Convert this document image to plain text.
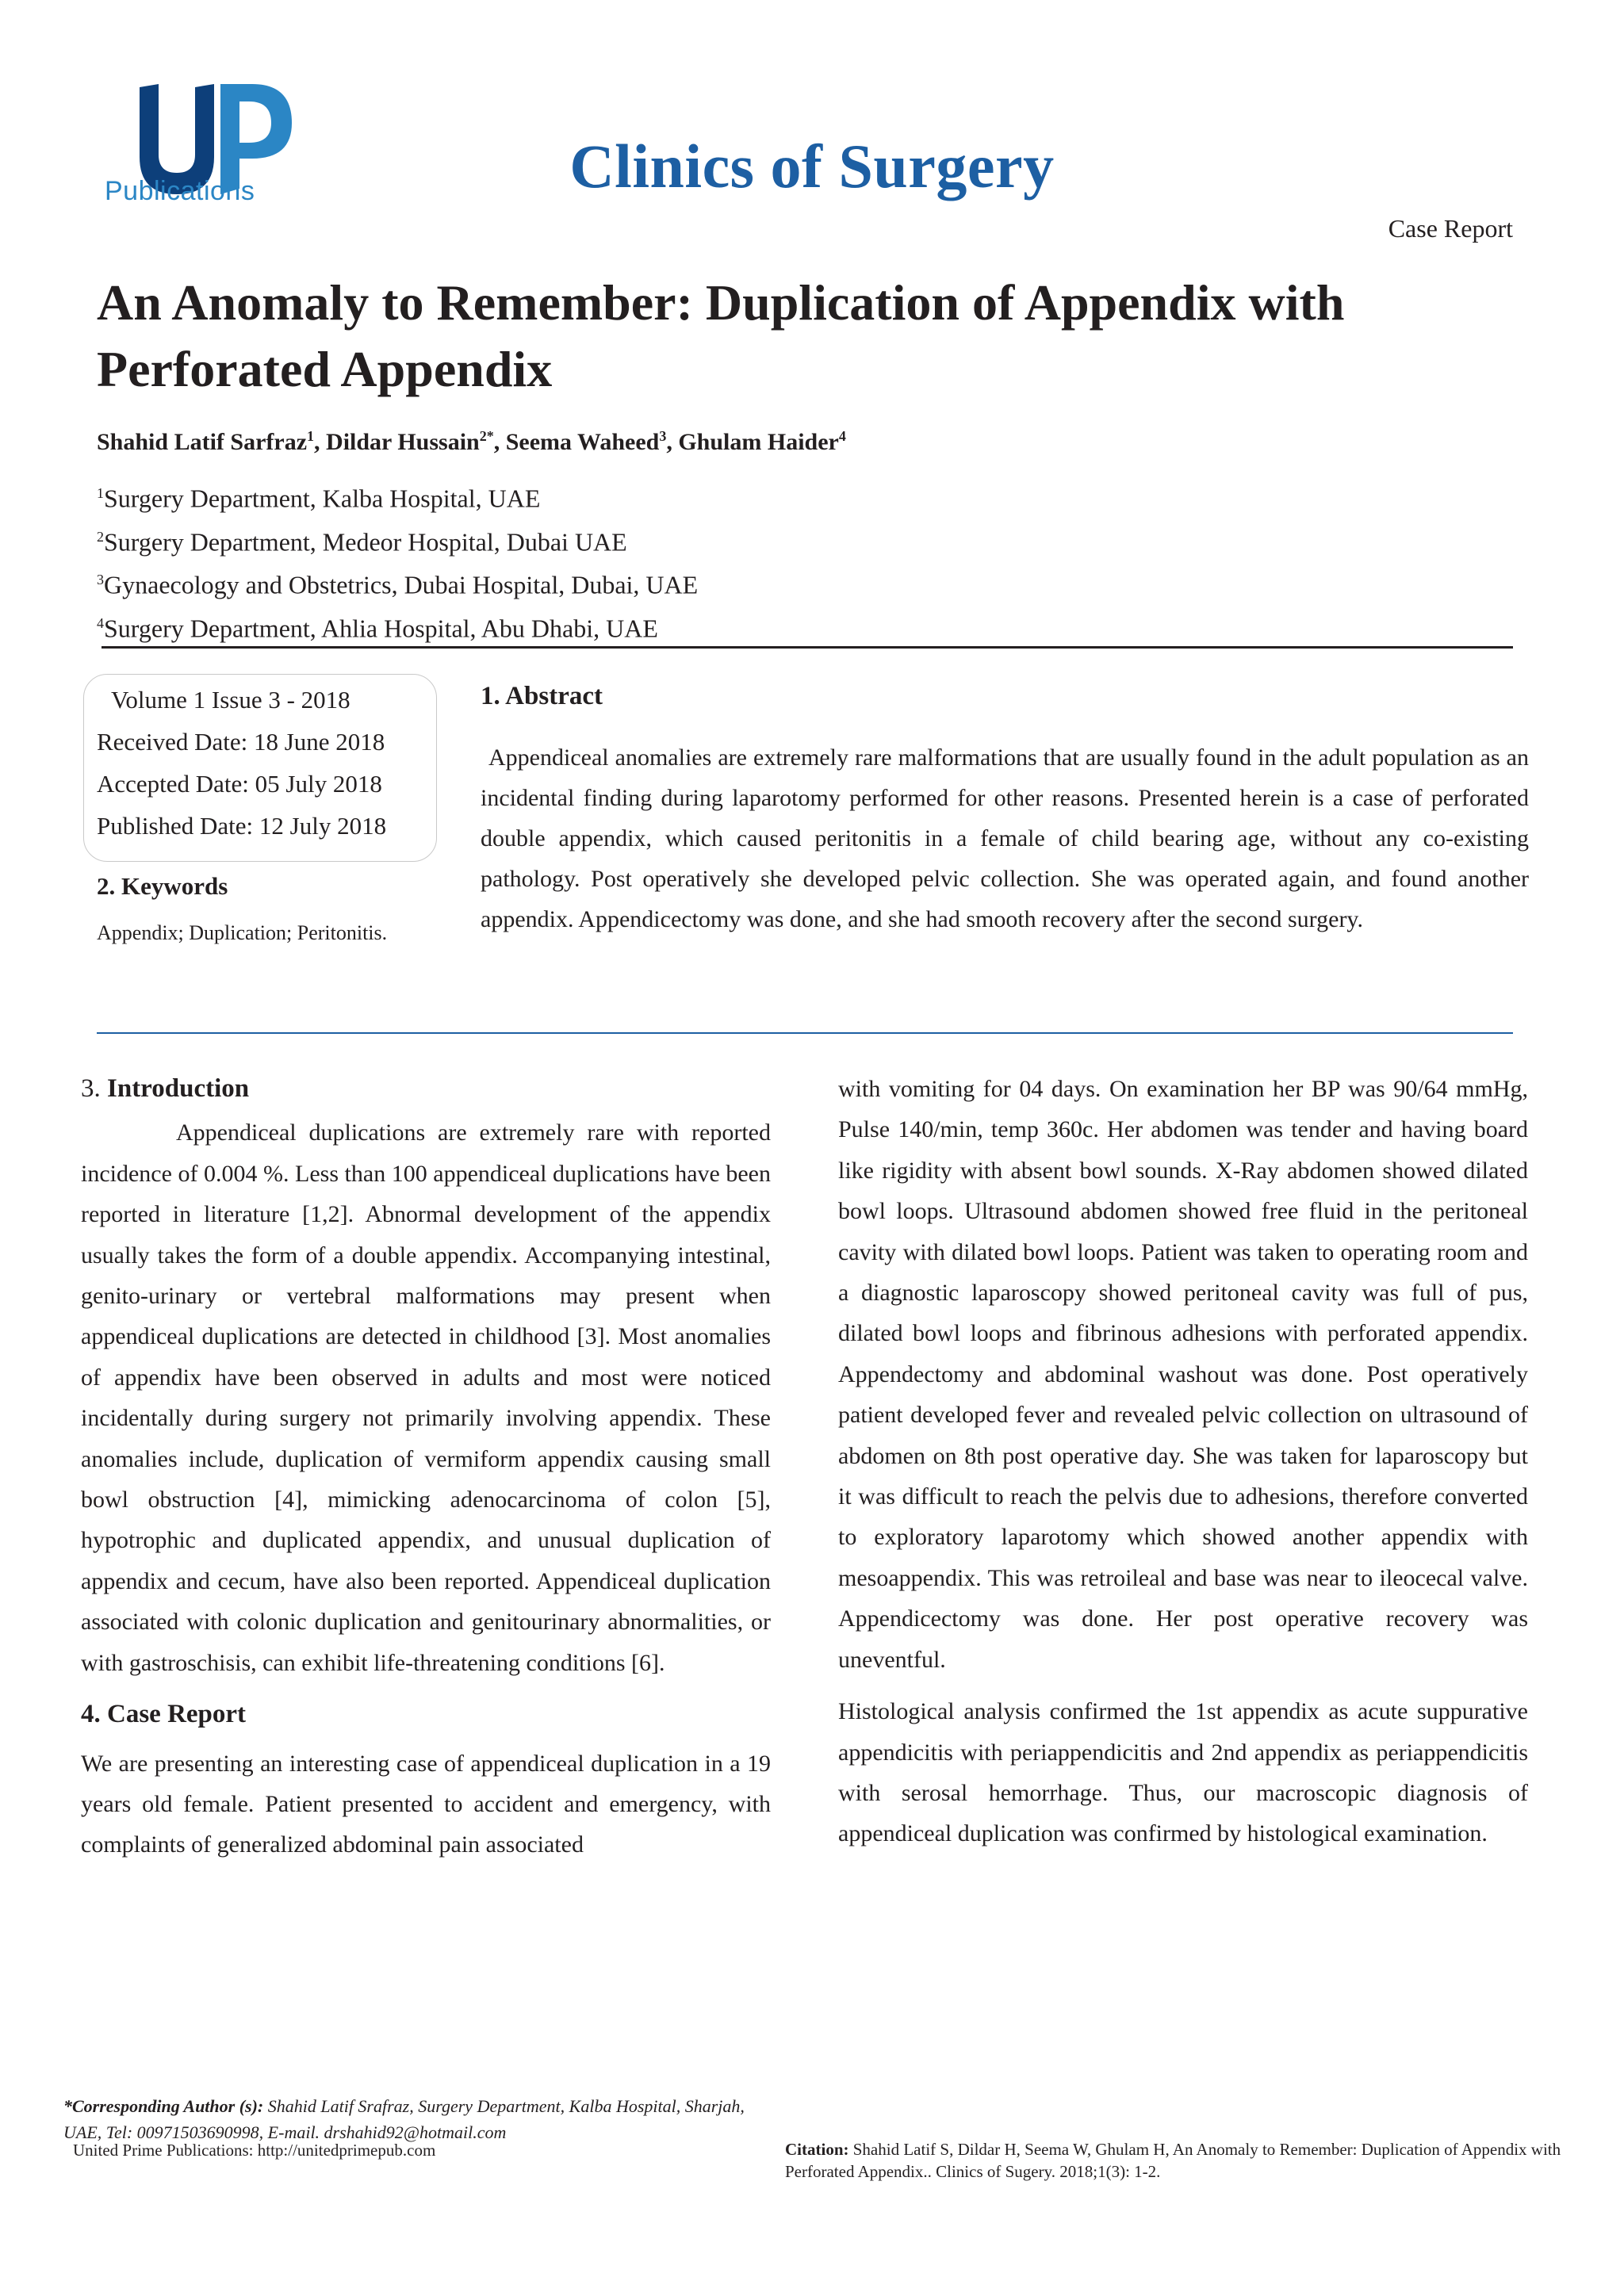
Publications	Clinics of Surgery
Case Report
An Anomaly to Remember: Duplication of Appendix with Perforated Appendix
Shahid Latif Sarfraz$^1$, Dildar Hussain$^{2*}$, Seema Waheed$^3$, Ghulam Haider$^4$
$^1$Surgery Department, Kalba Hospital, UAE
$^2$Surgery Department, Medeor Hospital, Dubai UAE
$^3$Gynaecology and Obstetrics, Dubai Hospital, Dubai, UAE
$^4$Surgery Department, Ahlia Hospital, Abu Dhabi, UAE
Volume 1 Issue 3 - 2018
Received Date: 18 June 2018
Accepted Date: 05 July 2018
Published Date: 12 July 2018
2. Keywords
Appendix; Duplication; Peritonitis.
1. Abstract
Appendiceal anomalies are extremely rare malformations that are usually found in the adult population as an incidental finding during laparotomy performed for other reasons. Presented herein is a case of perforated double appendix, which caused peritonitis in a female of child bearing age, without any co-existing pathology. Post operatively she developed pelvic collection. She was operated again, and found another appendix. Appendicectomy was done, and she had smooth recovery after the second surgery.

3. Introduction

Appendiceal duplications are extremely rare with reported incidence of 0.004 %. Less than 100 appendiceal duplications have been reported in literature [1,2]. Abnormal development of the appendix usually takes the form of a double appendix. Accompanying intestinal, genito-urinary or vertebral malformations may present when appendiceal duplications are detected in childhood [3]. Most anomalies of appendix have been observed in adults and most were noticed incidentally during surgery not primarily involving appendix. These anomalies include, duplication of vermiform appendix causing small bowl obstruction [4], mimicking adenocarcinoma of colon [5], hypotrophic and duplicated appendix, and unusual duplication of appendix and cecum, have also been reported. Appendiceal duplication associated with colonic duplication and genitourinary abnormalities, or with gastroschisis, can exhibit life-threatening conditions [6].

4. Case Report

We are presenting an interesting case of appendiceal duplication in a 19 years old female. Patient presented to accident and emergency, with complaints of generalized abdominal pain associated

with vomiting for 04 days. On examination her BP was 90/64 mmHg, Pulse 140/min, temp 360c. Her abdomen was tender and having board like rigidity with absent bowl sounds. X-Ray abdomen showed dilated bowl loops. Ultrasound abdomen showed free fluid in the peritoneal cavity with dilated bowl loops. Patient was taken to operating room and a diagnostic laparoscopy showed peritoneal cavity was full of pus, dilated bowl loops and fibrinous adhesions with perforated appendix. Appendectomy and abdominal washout was done. Post operatively patient developed fever and revealed pelvic collection on ultrasound of abdomen on 8th post operative day. She was taken for laparoscopy but it was difficult to reach the pelvis due to adhesions, therefore converted to exploratory laparotomy which showed another appendix with mesoappendix. This was retroileal and base was near to ileocecal valve. Appendicectomy was done. Her post operative recovery was uneventful.

Histological analysis confirmed the 1st appendix as acute suppurative appendicitis with periappendicitis and 2nd appendix as periappendicitis with serosal hemorrhage. Thus, our macroscopic diagnosis of appendiceal duplication was confirmed by histological examination.

*Corresponding Author (s): Shahid Latif Srafraz, Surgery Department, Kalba Hospital, Sharjah, UAE, Tel: 00971503690998, E-mail. drshahid92@hotmail.com
United Prime Publications: http://unitedprimepub.com	Citation: Shahid Latif S, Dildar H, Seema W, Ghulam H, An Anomaly to Remember: Duplication of Appendix with Perforated Appendix.. Clinics of Sugery. 2018;1(3): 1-2.
